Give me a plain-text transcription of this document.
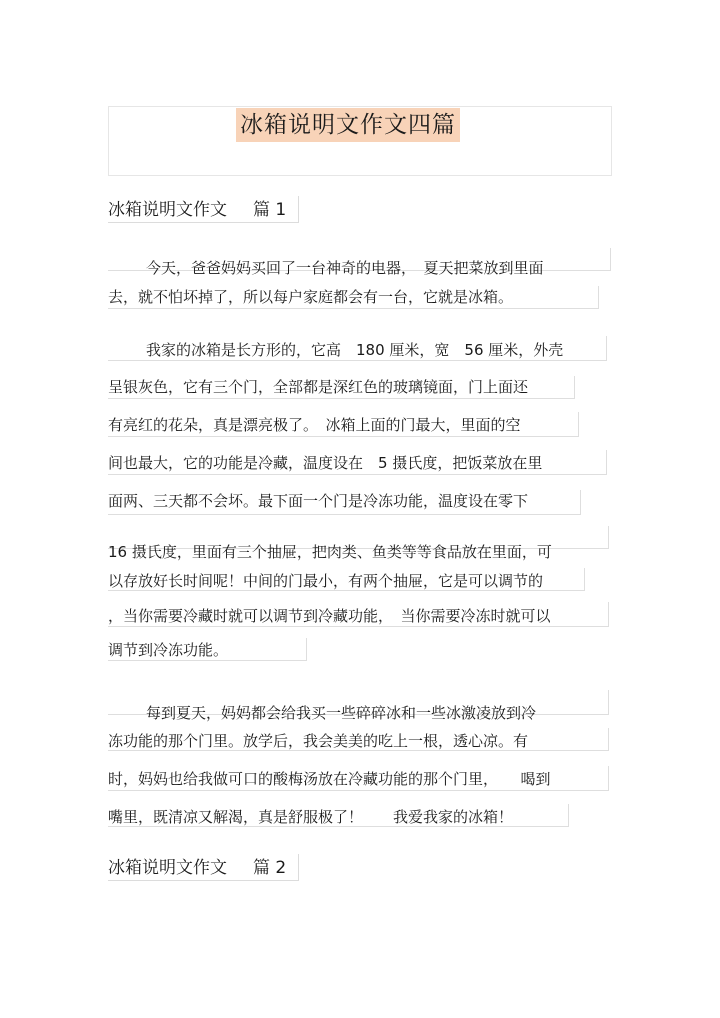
冰箱说明文作文四篇
冰箱说明文作文 篇 1
今天，爸爸妈妈买回了一台神奇的电器，　夏天把菜放到里面
去，就不怕坏掉了，所以每户家庭都会有一台，它就是冰箱。
我家的冰箱是长方形的，它高　180 厘米，宽　56 厘米，外壳
呈银灰色，它有三个门，全部都是深红色的玻璃镜面，门上面还
有亮红的花朵，真是漂亮极了。　冰箱上面的门最大，里面的空
间也最大，它的功能是冷藏，温度设在　5 摄氏度，把饭菜放在里
面两、三天都不会坏。最下面一个门是冷冻功能，温度设在零下
16 摄氏度，里面有三个抽屉，把肉类、鱼类等等食品放在里面，可
以存放好长时间呢！中间的门最小，有两个抽屉，它是可以调节的
，当你需要冷藏时就可以调节到冷藏功能，　当你需要冷冻时就可以
调节到冷冻功能。
每到夏天，妈妈都会给我买一些碎碎冰和一些冰激凌放到冷
冻功能的那个门里。放学后，我会美美的吃上一根，透心凉。有
时，妈妈也给我做可口的酸梅汤放在冷藏功能的那个门里，　　喝到
嘴里，既清凉又解渴，真是舒服极了！　　我爱我家的冰箱！
冰箱说明文作文 篇 2
